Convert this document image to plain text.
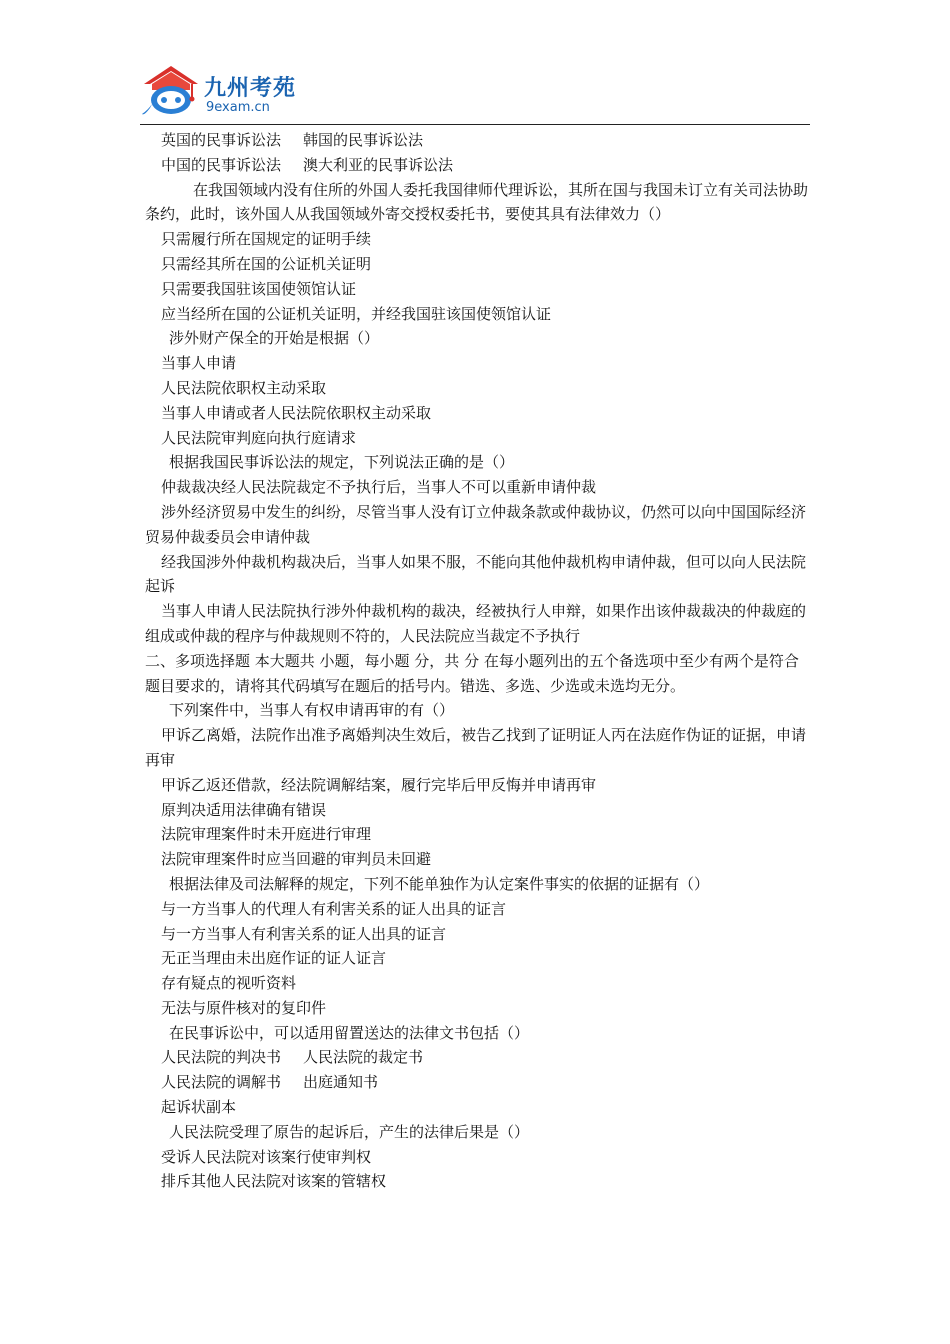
九州考苑
9exam.cn
英国的民事诉讼法 韩国的民事诉讼法
中国的民事诉讼法 澳大利亚的民事诉讼法
在我国领域内没有住所的外国人委托我国律师代理诉讼，其所在国与我国未订立有关司法协助条约，此时，该外国人从我国领域外寄交授权委托书，要使其具有法律效力（）
只需履行所在国规定的证明手续
只需经其所在国的公证机关证明
只需要我国驻该国使领馆认证
应当经所在国的公证机关证明，并经我国驻该国使领馆认证
涉外财产保全的开始是根据（）
当事人申请
人民法院依职权主动采取
当事人申请或者人民法院依职权主动采取
人民法院审判庭向执行庭请求
根据我国民事诉讼法的规定，下列说法正确的是（）
仲裁裁决经人民法院裁定不予执行后，当事人不可以重新申请仲裁
涉外经济贸易中发生的纠纷，尽管当事人没有订立仲裁条款或仲裁协议，仍然可以向中国国际经济贸易仲裁委员会申请仲裁
经我国涉外仲裁机构裁决后，当事人如果不服，不能向其他仲裁机构申请仲裁，但可以向人民法院起诉
当事人申请人民法院执行涉外仲裁机构的裁决，经被执行人申辩，如果作出该仲裁裁决的仲裁庭的组成或仲裁的程序与仲裁规则不符的，人民法院应当裁定不予执行
二、多项选择题 本大题共 小题，每小题 分，共 分 在每小题列出的五个备选项中至少有两个是符合题目要求的，请将其代码填写在题后的括号内。错选、多选、少选或未选均无分。
下列案件中，当事人有权申请再审的有（）
甲诉乙离婚，法院作出准予离婚判决生效后，被告乙找到了证明证人丙在法庭作伪证的证据，申请再审
甲诉乙返还借款，经法院调解结案，履行完毕后甲反悔并申请再审
原判决适用法律确有错误
法院审理案件时未开庭进行审理
法院审理案件时应当回避的审判员未回避
根据法律及司法解释的规定，下列不能单独作为认定案件事实的依据的证据有（）
与一方当事人的代理人有利害关系的证人出具的证言
与一方当事人有利害关系的证人出具的证言
无正当理由未出庭作证的证人证言
存有疑点的视听资料
无法与原件核对的复印件
在民事诉讼中，可以适用留置送达的法律文书包括（）
人民法院的判决书 人民法院的裁定书
人民法院的调解书 出庭通知书
起诉状副本
人民法院受理了原告的起诉后，产生的法律后果是（）
受诉人民法院对该案行使审判权
排斥其他人民法院对该案的管辖权
